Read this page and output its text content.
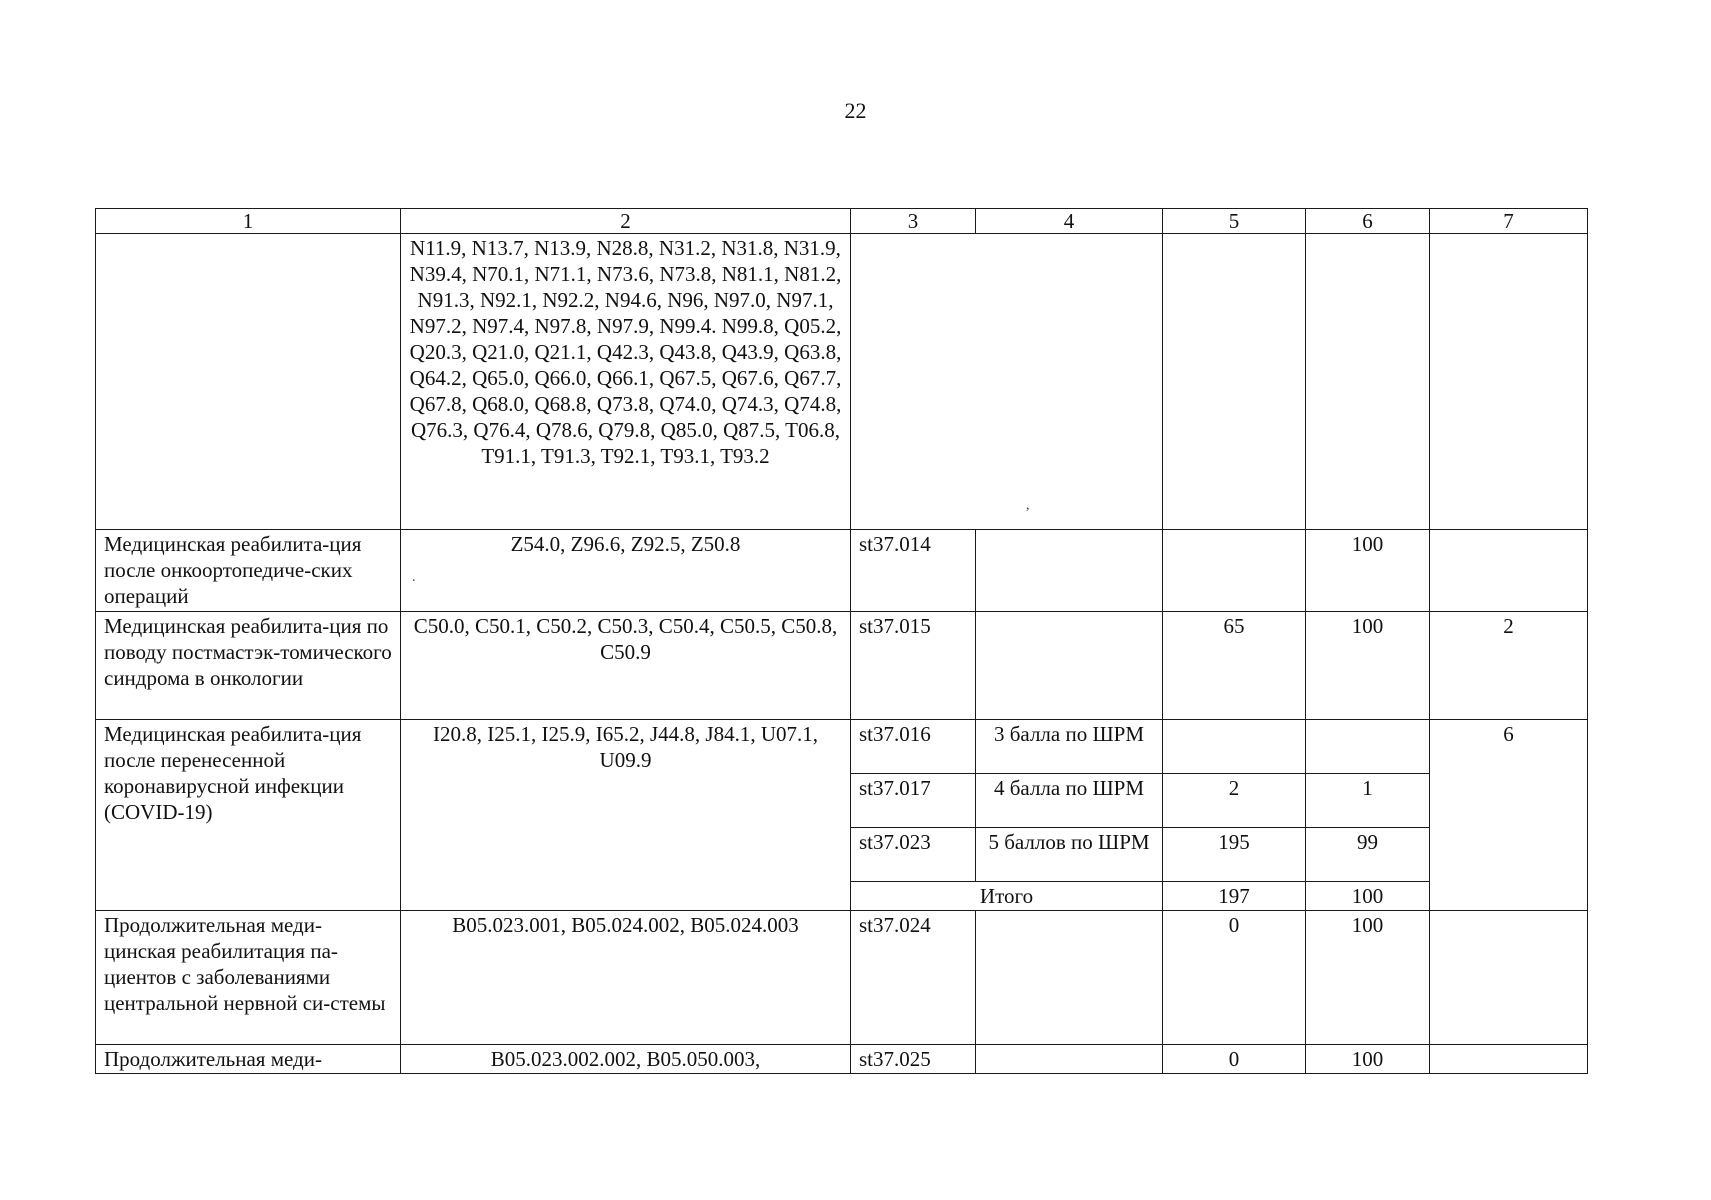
22
1	2	3	4	5	6	7
	N11.9, N13.7, N13.9, N28.8, N31.2, N31.8, N31.9, N39.4, N70.1, N71.1, N73.6, N73.8, N81.1, N81.2, N91.3, N92.1, N92.2, N94.6, N96, N97.0, N97.1, N97.2, N97.4, N97.8, N97.9, N99.4. N99.8, Q05.2, Q20.3, Q21.0, Q21.1, Q42.3, Q43.8, Q43.9, Q63.8, Q64.2, Q65.0, Q66.0, Q66.1, Q67.5, Q67.6, Q67.7, Q67.8, Q68.0, Q68.8, Q73.8, Q74.0, Q74.3, Q74.8, Q76.3, Q76.4, Q78.6, Q79.8, Q85.0, Q87.5, T06.8, T91.1, T91.3, T92.1, T93.1, T93.2					
Медицинская реабилита-ция после онкоортопедиче-ских операций	Z54.0, Z96.6, Z92.5, Z50.8	st37.014			100	
Медицинская реабилита-ция по поводу постмастэк-томического синдрома в онкологии	C50.0, C50.1, C50.2, C50.3, C50.4, C50.5, C50.8, C50.9	st37.015		65	100	2
Медицинская реабилита-ция после перенесенной коронавирусной инфекции (COVID-19)	I20.8, I25.1, I25.9, I65.2, J44.8, J84.1, U07.1, U09.9	st37.016	3 балла по ШРМ			6
		st37.017	4 балла по ШРМ	2	1	
		st37.023	5 баллов по ШРМ	195	99	
		Итого		197	100	
Продолжительная меди-цинская реабилитация па-циентов с заболеваниями центральной нервной си-стемы	B05.023.001, B05.024.002, B05.024.003	st37.024		0	100	
Продолжительная меди-	B05.023.002.002, B05.050.003,	st37.025		0	100	
,
.
